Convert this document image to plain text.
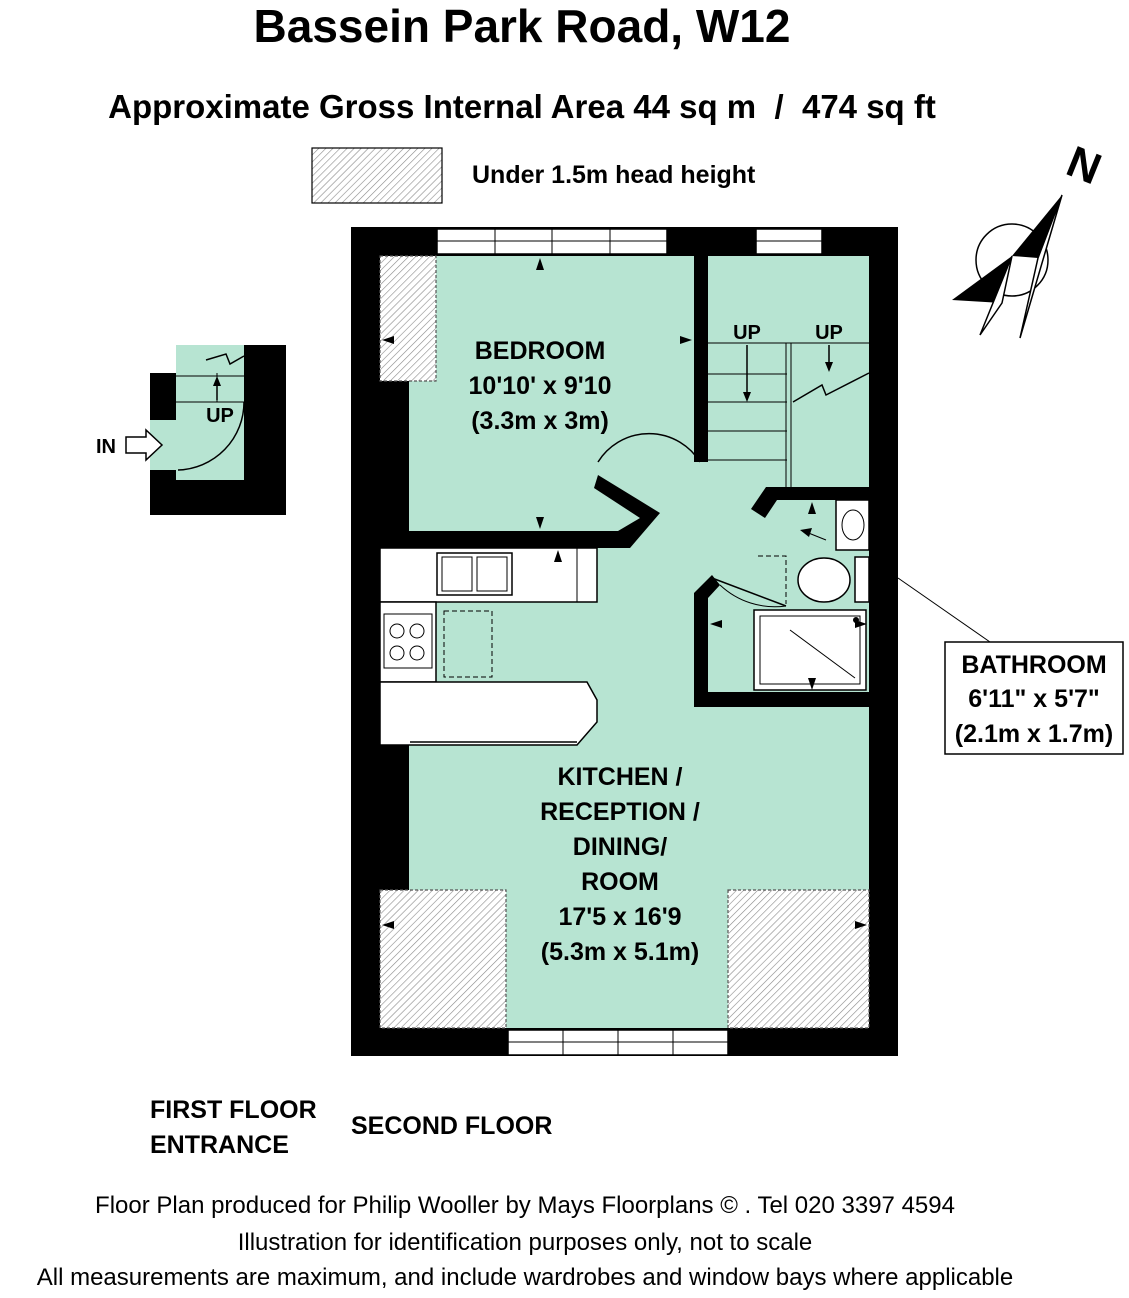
Bassein Park Road, W12
Approximate Gross Internal Area 44 sq m  /  474 sq ft
Under 1.5m head height	N
UP
IN
UP	UP
BEDROOM
10'10' x 9'10
(3.3m x 3m)
KITCHEN /
RECEPTION /
DINING/
ROOM
17'5 x 16'9
(5.3m x 5.1m)
BATHROOM
6'11" x 5'7"
(2.1m x 1.7m)
FIRST FLOOR
ENTRANCE
SECOND FLOOR
Floor Plan produced for Philip Wooller by Mays Floorplans © . Tel 020 3397 4594
Illustration for identification purposes only, not to scale
All measurements are maximum, and include wardrobes and window bays where applicable
